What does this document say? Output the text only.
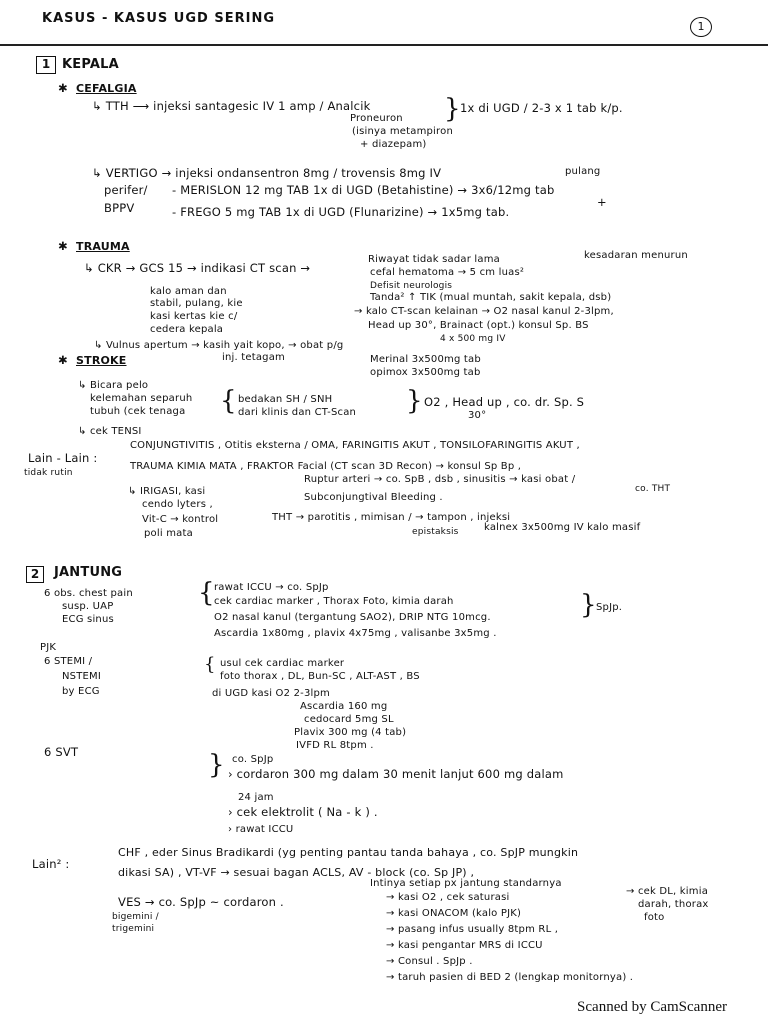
KASUS - KASUS UGD SERING
1
1 KEPALA
✱ CEFALGIA
↳ TTH ⟶ injeksi santagesic IV 1 amp / Analcik
Proneuron } 1x di UGD / 2-3 x 1 tab k/p.
(isinya metampiron
+ diazepam)
↳ VERTIGO → injeksi ondansentron 8mg / trovensis 8mg IV	pulang
perifer/
BPPV
- MERISLON 12 mg TAB 1x di UGD (Betahistine) → 3x6/12mg tab
+
- FREGO 5 mg TAB 1x di UGD (Flunarizine) → 1x5mg tab.
✱ TRAUMA
↳ CKR → GCS 15 → indikasi CT scan →
Riwayat tidak sadar lama	kesadaran menurun
cefal hematoma → 5 cm luas²
Defisit neurologis
Tanda² ↑ TIK (mual muntah, sakit kepala, dsb)
kalo aman dan
stabil, pulang, kie
kasi kertas kie c/
cedera kepala
→ kalo CT-scan kelainan → O2 nasal kanul 2-3lpm,
Head up 30°, Brainact (opt.) konsul Sp. BS
4 x 500 mg IV
↳ Vulnus apertum → kasih yait kopo, → obat p/g
inj. tetagam	Merinal 3x500mg tab
opimox 3x500mg tab
✱ STROKE
↳ Bicara pelo
kelemahan separuh
tubuh (cek tenaga
↳ cek TENSI
{ bedakan SH / SNH
dari klinis dan CT-Scan } O2 , Head up , co. dr. Sp. S
30°
Lain - Lain :
tidak rutin
CONJUNGTIVITIS , Otitis eksterna / OMA, FARINGITIS AKUT , TONSILOFARINGITIS AKUT ,
TRAUMA KIMIA MATA , FRAKTOR Facial (CT scan 3D Recon) → konsul Sp Bp ,
↳ IRIGASI, kasi
cendo lyters ,
Vit-C → kontrol
poli mata
Ruptur arteri → co. SpB , dsb , sinusitis → kasi obat /
co. THT
Subconjungtival Bleeding .
THT → parotitis , mimisan / → tampon , injeksi
epistaksis	kalnex 3x500mg IV kalo masif
2	JANTUNG
6 obs. chest pain
susp. UAP
ECG sinus
{ rawat ICCU → co. SpJp
cek cardiac marker , Thorax Foto, kimia darah
O2 nasal kanul (tergantung SAO2), DRIP NTG 10mcg.
Ascardia 1x80mg , plavix 4x75mg , valisanbe 3x5mg .
} SpJp.
PJK
6 STEMI /
NSTEMI
by ECG
{ usul cek cardiac marker
foto thorax , DL, Bun-SC , ALT-AST , BS
di UGD kasi O2 2-3lpm
Ascardia 160 mg
cedocard 5mg SL
Plavix 300 mg (4 tab)
IVFD RL 8tpm .
6 SVT	} co. SpJp
› cordaron 300 mg dalam 30 menit lanjut 600 mg dalam
24 jam
› cek elektrolit ( Na - k ) .
› rawat ICCU
Lain² :
CHF , eder Sinus Bradikardi (yg penting pantau tanda bahaya , co. SpJP mungkin
dikasi SA) , VT-VF → sesuai bagan ACLS, AV - block (co. Sp JP) ,
VES → co. SpJp ~ cordaron .
Intinya setiap px jantung standarnya
bigemini /
trigemini
→ kasi O2 , cek saturasi
→ kasi ONACOM (kalo PJK)
→ pasang infus usually 8tpm RL ,
→ kasi pengantar MRS di ICCU
→ Consul . SpJp .
→ taruh pasien di BED 2 (lengkap monitornya) .
→ cek DL, kimia
darah, thorax
foto
Scanned by CamScanner
